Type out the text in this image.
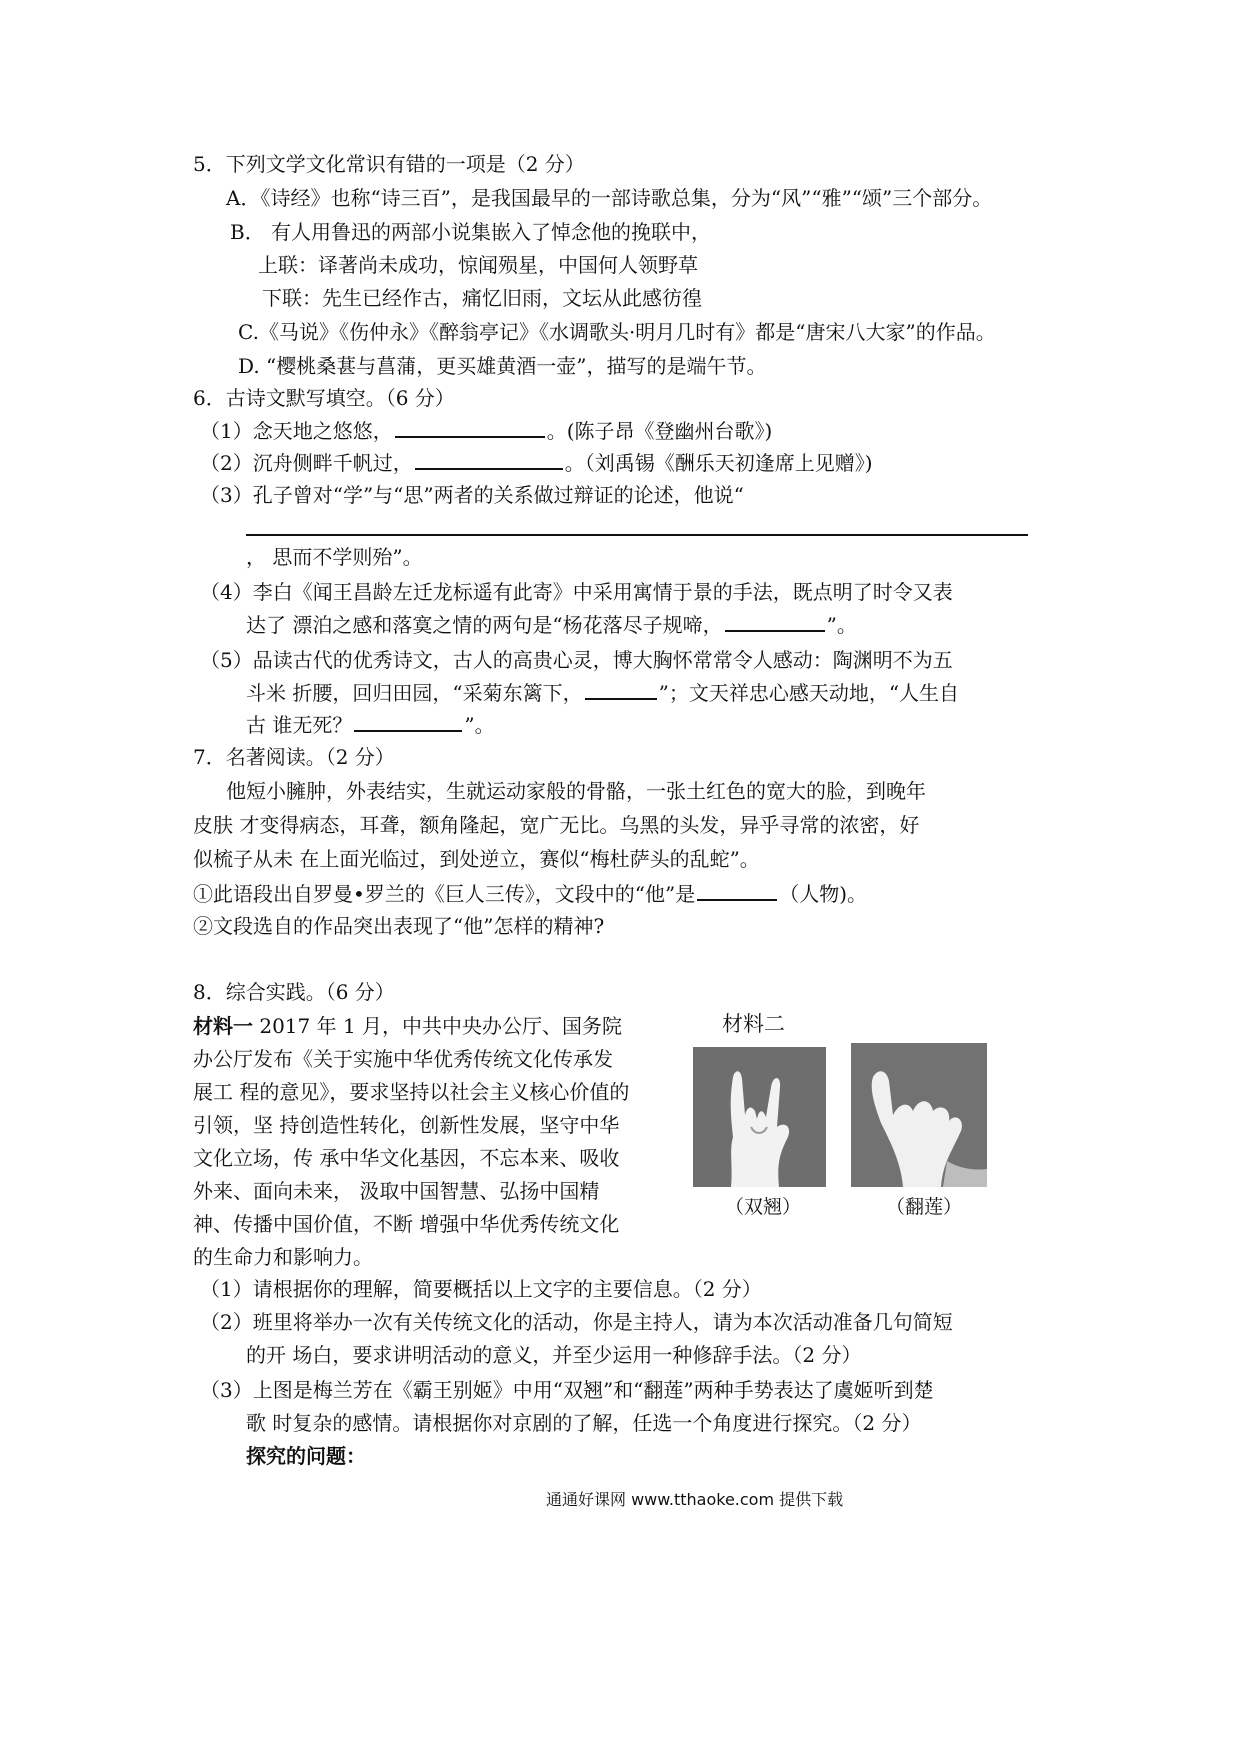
5．下列文学文化常识有错的一项是（2 分）
A．《诗经》也称“诗三百”，是我国最早的一部诗歌总集，分为“风”“雅”“颂”三个部分。
B． 有人用鲁迅的两部小说集嵌入了悼念他的挽联中，
上联：译著尚未成功，惊闻殒星，中国何人领野草
下联：先生已经作古，痛忆旧雨，文坛从此感彷徨
C.《马说》《伤仲永》《醉翁亭记》《水调歌头·明月几时有》都是“唐宋八大家”的作品。
D. “樱桃桑葚与菖蒲，更买雄黄酒一壶”，描写的是端午节。
6．古诗文默写填空。（6 分）
（1）念天地之悠悠，	。(陈子昂《登幽州台歌》)
（2）沉舟侧畔千帆过，	。（刘禹锡《酬乐天初逢席上见赠》)
（3）孔子曾对“学”与“思”两者的关系做过辩证的论述，他说“
， 思而不学则殆”。
（4）李白《闻王昌龄左迁龙标遥有此寄》中采用寓情于景的手法，既点明了时令又表
达了 漂泊之感和落寞之情的两句是“杨花落尽子规啼，	”。
（5）品读古代的优秀诗文，古人的高贵心灵，博大胸怀常常令人感动：陶渊明不为五
斗米 折腰，回归田园，“采菊东篱下，	”；文天祥忠心感天动地，“人生自
古 谁无死？	”。
7．名著阅读。（2 分）
他短小臃肿，外表结实，生就运动家般的骨骼，一张土红色的宽大的脸，到晚年
皮肤 才变得病态，耳聋，额角隆起，宽广无比。乌黑的头发，异乎寻常的浓密，好
似梳子从未 在上面光临过，到处逆立，赛似“梅杜萨头的乱蛇”。
①此语段出自罗曼•罗兰的《巨人三传》，文段中的“他”是	（人物)。
②文段选自的作品突出表现了“他”怎样的精神?
8．综合实践。（6 分）
材料一 2017 年 1 月，中共中央办公厅、国务院
办公厅发布《关于实施中华优秀传统文化传承发
展工 程的意见》，要求坚持以社会主义核心价值的
引领，坚 持创造性转化，创新性发展，坚守中华
文化立场，传 承中华文化基因，不忘本来、吸收
外来、面向未来， 汲取中国智慧、弘扬中国精
神、传播中国价值，不断 增强中华优秀传统文化
的生命力和影响力。
材料二
（双翘）	（翻莲）
（1）请根据你的理解，简要概括以上文字的主要信息。（2 分）
（2）班里将举办一次有关传统文化的活动，你是主持人，请为本次活动准备几句简短
的开 场白，要求讲明活动的意义，并至少运用一种修辞手法。（2 分）
（3）上图是梅兰芳在《霸王别姬》中用“双翘”和“翻莲”两种手势表达了虞姬听到楚
歌 时复杂的感情。请根据你对京剧的了解，任选一个角度进行探究。（2 分）
探究的问题：
通通好课网 www.tthaoke.com 提供下载
